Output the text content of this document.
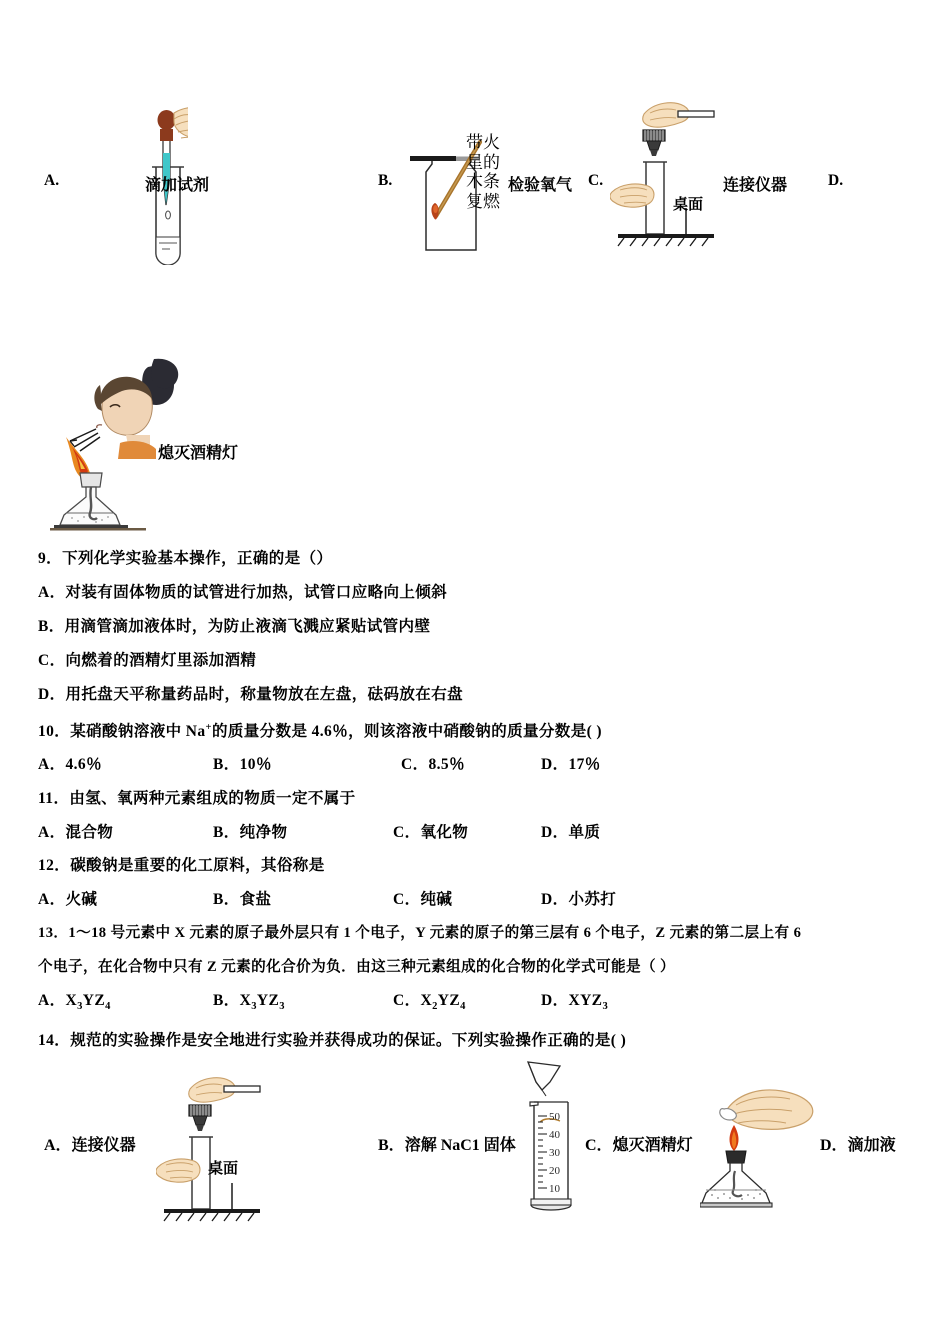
A.	滴加试剂	B.
带火
星的
木条
复燃
检验氧气 C.
桌面
连接仪器	D.
熄灭酒精灯
9．下列化学实验基本操作，正确的是（）
A．对装有固体物质的试管进行加热，试管口应略向上倾斜
B．用滴管滴加液体时，为防止液滴飞溅应紧贴试管内壁
C．向燃着的酒精灯里添加酒精
D．用托盘天平称量药品时，称量物放在左盘，砝码放在右盘
10．某硝酸钠溶液中 Na+的质量分数是 4.6％，则该溶液中硝酸钠的质量分数是( )
A．4.6％	B．10％	C．8.5％	D．17％
11．由氢、氧两种元素组成的物质一定不属于
A．混合物	B．纯净物	C．氧化物	D．单质
12．碳酸钠是重要的化工原料，其俗称是
A．火碱	B．食盐	C．纯碱	D．小苏打
13．1～18 号元素中 X 元素的原子最外层只有 1 个电子，Y 元素的原子的第三层有 6 个电子，Z 元素的第二层上有 6
个电子，在化合物中只有 Z 元素的化合价为负．由这三种元素组成的化合物的化学式可能是（ ）
A．$X_3YZ_4$	B．$X_3YZ_3$	C．$X_2YZ_4$	D．$XYZ_3$
14．规范的实验操作是安全地进行实验并获得成功的保证。下列实验操作正确的是( )
A．连接仪器
桌面
B．溶解 NaC1 固体
50
40
30
20
10
C．熄灭酒精灯	D．滴加液
